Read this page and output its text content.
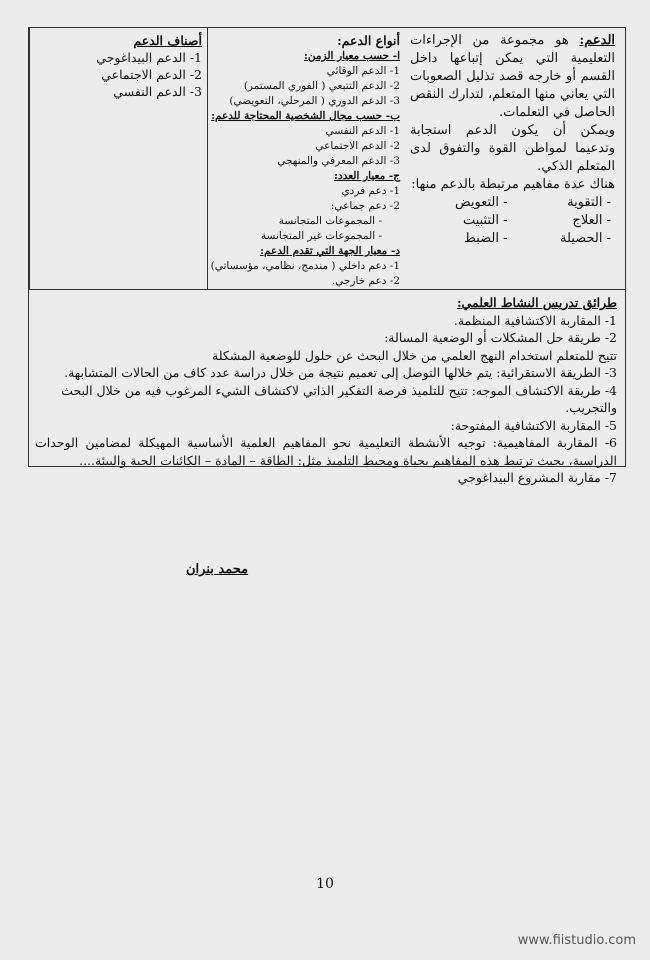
الدعم: هو مجموعة من الإجراءات التعليمية التي يمكن إتباعها داخل القسم أو خارجه قصد تذليل الصعوبات التي يعاني منها المتعلم، لتدارك النقص الحاصل في التعلمات.
ويمكن أن يكون الدعم استجابة وتدعيما لمواطن القوة والتفوق لدى المتعلم الذكي.
هناك عدة مفاهيم مرتبطة بالدعم منها:
- التقوية
- التعويض
- العلاج
- التثبيت
- الحصيلة
- الضبط
أنواع الدعم:
ا- حسب معيار الزمن:
1- الدعم الوقائي
2- الدعم التتبعي ( الفوري المستمر)
3- الدعم الدوري ( المرحلي، التعويضي)
ب- حسب مجال الشخصية المحتاجة للدعم:
1- الدعم النفسي
2- الدعم الاجتماعي
3- الدعم المعرفي والمنهجي
ج- معيار العدد:
1- دعم فردي
2- دعم جماعي:
- المجموعات المتجانسة
- المجموعات غير المتجانسة
د- معيار الجهة التي تقدم الدعم:
1- دعم داخلي ( مندمج، نظامي، مؤسساتي)
2- دعم خارجي.
أصناف الدعم
1- الدعم البيداغوجي
2- الدعم الاجتماعي
3- الدعم النفسي
طرائق تدريس النشاط العلمي:
1- المقاربة الاكتشافية المنظمة.
2- طريقة حل المشكلات أو الوضعية المسالة:
تتيح للمتعلم استخدام النهج العلمي من خلال البحث عن حلول للوضعية المشكلة
3- الطريقة الاستقرائية: يتم خلالها التوصل إلى تعميم نتيجة من خلال دراسة عدد كاف من الحالات المتشابهة.
4- طريقة الاكتشاف الموجه: تتيح للتلميذ فرصة التفكير الذاتي لاكتشاف الشيء المرغوب فيه من خلال البحث والتجريب.
5- المقاربة الاكتشافية المفتوحة:
6- المقاربة المفاهيمية: توجيه الأنشطة التعليمية نحو المفاهيم العلمية الأساسية المهيكلة لمضامين الوحدات الدراسية، بحيث ترتبط هذه المفاهيم بحياة ومحيط التلميذ مثل: الطاقة – المادة – الكائنات الحية والبيئة....
7- مقاربة المشروع البيداغوجي
محمد بنران
10
www.fiistudio.com
